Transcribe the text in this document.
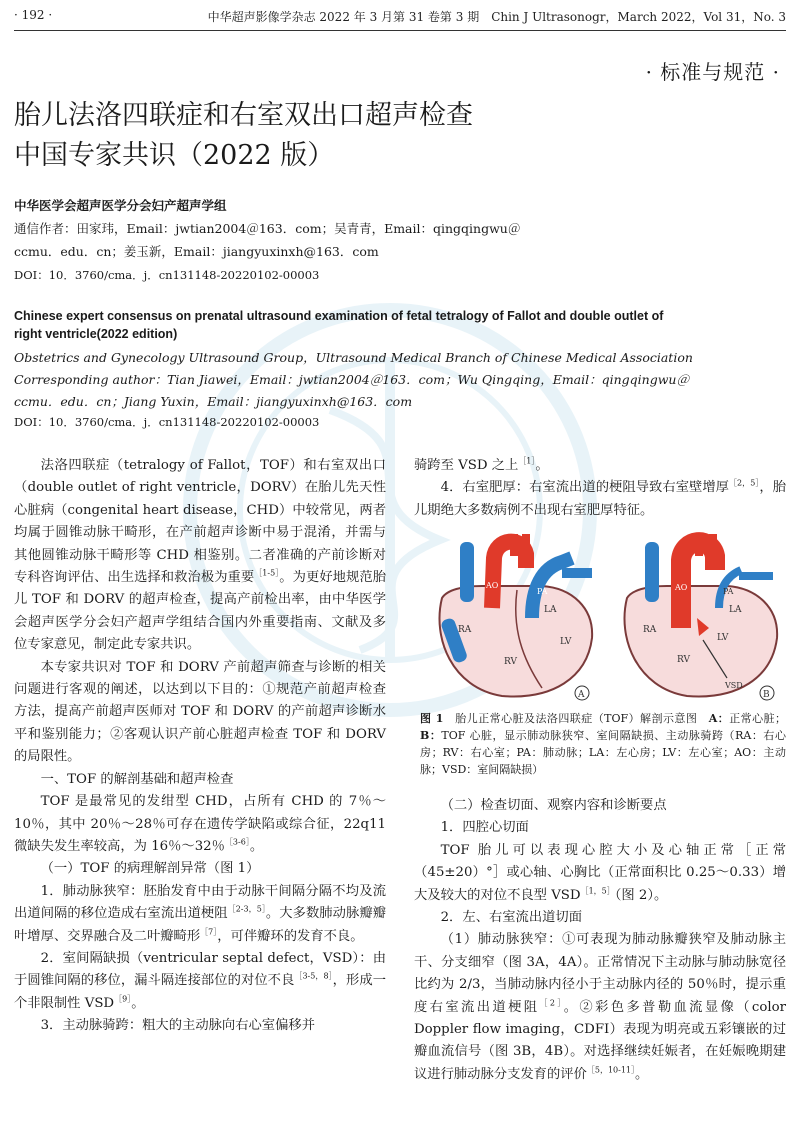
· 192 ·	中华超声影像学杂志 2022 年 3 月第 31 卷第 3 期　Chin J Ultrasonogr，March 2022，Vol 31，No. 3
· 标准与规范 ·
胎儿法洛四联症和右室双出口超声检查
中国专家共识（2022 版）
中华医学会超声医学分会妇产超声学组
通信作者：田家玮，Email：jwtian2004＠163．com；吴青青，Email：qingqingwu＠
ccmu．edu．cn；姜玉新，Email：jiangyuxinxh@163．com
DOI：10．3760/cma．j．cn131148-20220102-00003
Chinese expert consensus on prenatal ultrasound examination of fetal tetralogy of Fallot and double outlet of right ventricle(2022 edition)
Obstetrics and Gynecology Ultrasound Group，Ultrasound Medical Branch of Chinese Medical Association
Corresponding author：Tian Jiawei，Email：jwtian2004＠163．com；Wu Qingqing，Email：qingqingwu＠
ccmu．edu．cn；Jiang Yuxin，Email：jiangyuxinxh@163．com
DOI：10．3760/cma．j．cn131148-20220102-00003

法洛四联症（tetralogy of Fallot，TOF）和右室双出口（double outlet of right ventricle，DORV）在胎儿先天性心脏病（congenital heart disease，CHD）中较常见，两者均属于圆锥动脉干畸形，在产前超声诊断中易于混淆，并需与其他圆锥动脉干畸形等 CHD 相鉴别。二者准确的产前诊断对专科咨询评估、出生选择和救治极为重要$^{[1-5]}$。为更好地规范胎儿 TOF 和 DORV 的超声检查，提高产前检出率，由中华医学会超声医学分会妇产超声学组结合国内外重要指南、文献及多位专家意见，制定此专家共识。

本专家共识对 TOF 和 DORV 产前超声筛查与诊断的相关问题进行客观的阐述，以达到以下目的：①规范产前超声检查方法，提高产前超声医师对 TOF 和 DORV 的产前超声诊断水平和鉴别能力；②客观认识产前心脏超声检查 TOF 和 DORV 的局限性。

一、TOF 的解剖基础和超声检查

TOF 是最常见的发绀型 CHD，占所有 CHD 的 7％～10％，其中 20％～28％可存在遗传学缺陷或综合征，22q11 微缺失发生率较高，为 16％～32％$^{[3-6]}$。

（一）TOF 的病理解剖异常（图 1）

1．肺动脉狭窄：胚胎发育中由于动脉干间隔分隔不均及流出道间隔的移位造成右室流出道梗阻$^{[2-3,5]}$。大多数肺动脉瓣瓣叶增厚、交界融合及二叶瓣畸形$^{[7]}$，可伴瓣环的发育不良。

2．室间隔缺损（ventricular septal defect，VSD）：由于圆锥间隔的移位，漏斗隔连接部位的对位不良$^{[3-5,8]}$，形成一个非限制性 $VSD^{[9]}$。

3．主动脉骑跨：粗大的主动脉向右心室偏移并

骑跨至 VSD 之上$^{[1]}$。

4．右室肥厚：右室流出道的梗阻导致右室壁增厚$^{[2,5]}$，胎儿期绝大多数病例不出现右室肥厚特征。

AO
PA
LA
RA
LV
RV
A
AO	PA
LA
RA
LV
RV
VSD
B
图 1　 胎儿正常心脏及法洛四联症（TOF）解剖示意图　 A：正常心脏；B：TOF 心脏，显示肺动脉狭窄、室间隔缺损、主动脉骑跨（RA：右心房；RV：右心室；PA：肺动脉；LA：左心房；LV：左心室；AO：主动脉；VSD：室间隔缺损）

（二）检查切面、观察内容和诊断要点

1．四腔心切面

TOF 胎儿可以表现心腔大小及心轴正常［正常（45±20）°］或心轴、心胸比（正常面积比 0.25～0.33）增大及较大的对位不良型 $VSD^{[1,5]}$（图 2）。

2．左、右室流出道切面

（1）肺动脉狭窄：①可表现为肺动脉瓣狭窄及肺动脉主干、分支细窄（图 3A，4A）。正常情况下主动脉与肺动脉宽径比约为 2/3，当肺动脉内径小于主动脉内径的 50％时，提示重度右室流出道梗阻$^{[2]}$。②彩色多普勒血流显像（color Doppler flow imaging，CDFI）表现为明亮或五彩镶嵌的过瓣血流信号（图 3B，4B）。对选择继续妊娠者，在妊娠晚期建议进行肺动脉分支发育的评价$^{[5,10-11]}$。
